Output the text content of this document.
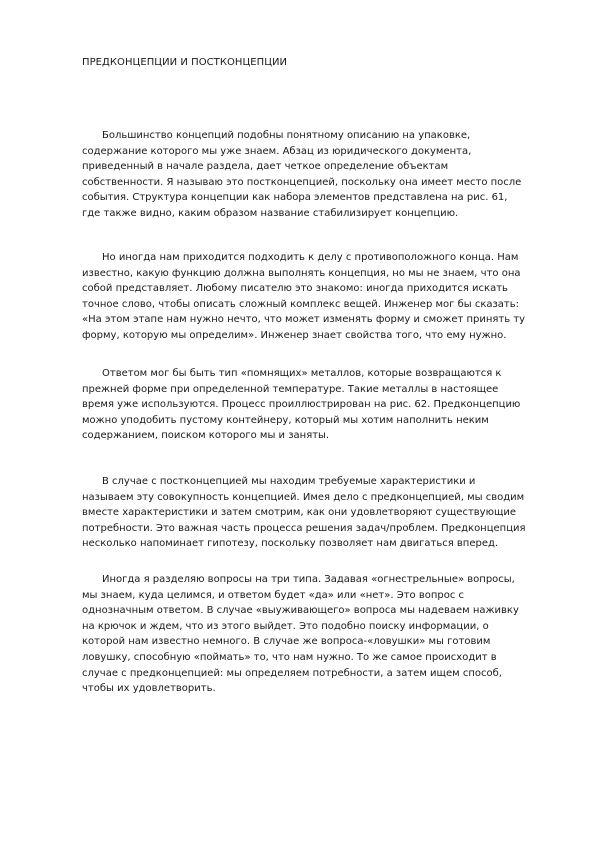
ПРЕДКОНЦЕПЦИИ И ПОСТКОНЦЕПЦИИ

Большинство концепций подобны понятному описанию на упаковке, содержание которого мы уже знаем. Абзац из юридического документа, приведенный в начале раздела, дает четкое определение объектам собственности. Я называю это постконцепцией, поскольку она имеет место после события. Структура концепции как набора элементов представлена на рис. 61, где также видно, каким образом название стабилизирует концепцию.

Но иногда нам приходится подходить к делу с противоположного конца. Нам известно, какую функцию должна выполнять концепция, но мы не знаем, что она собой представляет. Любому писателю это знакомо: иногда приходится искать точное слово, чтобы описать сложный комплекс вещей. Инженер мог бы сказать: «На этом этапе нам нужно нечто, что может изменять форму и сможет принять ту форму, которую мы определим». Инженер знает свойства того, что ему нужно.

Ответом мог бы быть тип «помнящих» металлов, которые возвращаются к прежней форме при определенной температуре. Такие металлы в настоящее время уже используются. Процесс проиллюстрирован на рис. 62. Предконцепцию можно уподобить пустому контейнеру, который мы хотим наполнить неким содержанием, поиском которого мы и заняты.

В случае с постконцепцией мы находим требуемые характеристики и называем эту совокупность концепцией. Имея дело с предконцепцией, мы сводим вместе характеристики и затем смотрим, как они удовлетворяют существующие потребности. Это важная часть процесса решения задач/проблем. Предконцепция несколько напоминает гипотезу, поскольку позволяет нам двигаться вперед.

Иногда я разделяю вопросы на три типа. Задавая «огнестрельные» вопросы, мы знаем, куда целимся, и ответом будет «да» или «нет». Это вопрос с однозначным ответом. В случае «выуживающего» вопроса мы надеваем наживку на крючок и ждем, что из этого выйдет. Это подобно поиску информации, о которой нам известно немного. В случае же вопроса-«ловушки» мы готовим ловушку, способную «поймать» то, что нам нужно. То же самое происходит в случае с предконцепцией: мы определяем потребности, а затем ищем способ, чтобы их удовлетворить.
